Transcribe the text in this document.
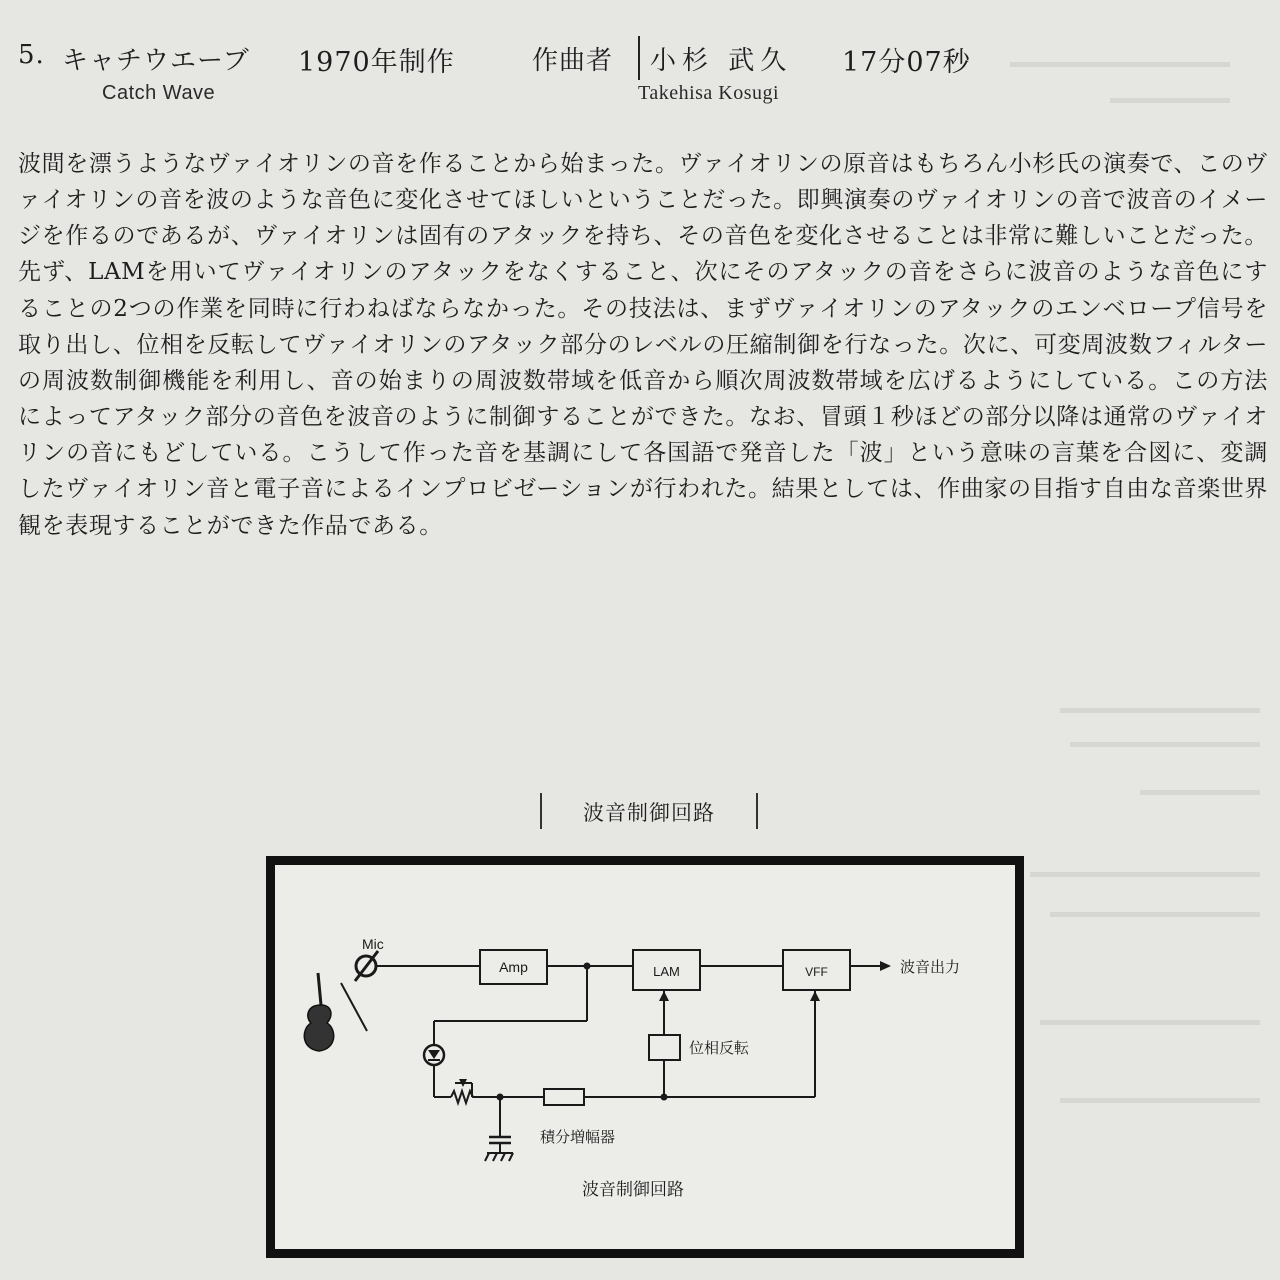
5. キャチウエーブ 1970年制作	作曲者 小杉 武久 17分07秒
Catch Wave	Takehisa Kosugi
波間を漂うようなヴァイオリンの音を作ることから始まった。ヴァイオリンの原音はもちろん小杉氏の演奏で、このヴァイオリンの音を波のような音色に変化させてほしいということだった。即興演奏のヴァイオリンの音で波音のイメージを作るのであるが、ヴァイオリンは固有のアタックを持ち、その音色を変化させることは非常に難しいことだった。先ず、LAMを用いてヴァイオリンのアタックをなくすること、次にそのアタックの音をさらに波音のような音色にすることの2つの作業を同時に行わねばならなかった。その技法は、まずヴァイオリンのアタックのエンベロープ信号を取り出し、位相を反転してヴァイオリンのアタック部分のレベルの圧縮制御を行なった。次に、可変周波数フィルターの周波数制御機能を利用し、音の始まりの周波数帯域を低音から順次周波数帯域を広げるようにしている。この方法によってアタック部分の音色を波音のように制御することができた。なお、冒頭１秒ほどの部分以降は通常のヴァイオリンの音にもどしている。こうして作った音を基調にして各国語で発音した「波」という意味の言葉を合図に、変調したヴァイオリン音と電子音によるインプロビゼーションが行われた。結果としては、作曲家の目指す自由な音楽世界観を表現することができた作品である。
波音制御回路
Mic
Amp	LAM	VFF	波音出力
位相反転
積分増幅器
波音制御回路
